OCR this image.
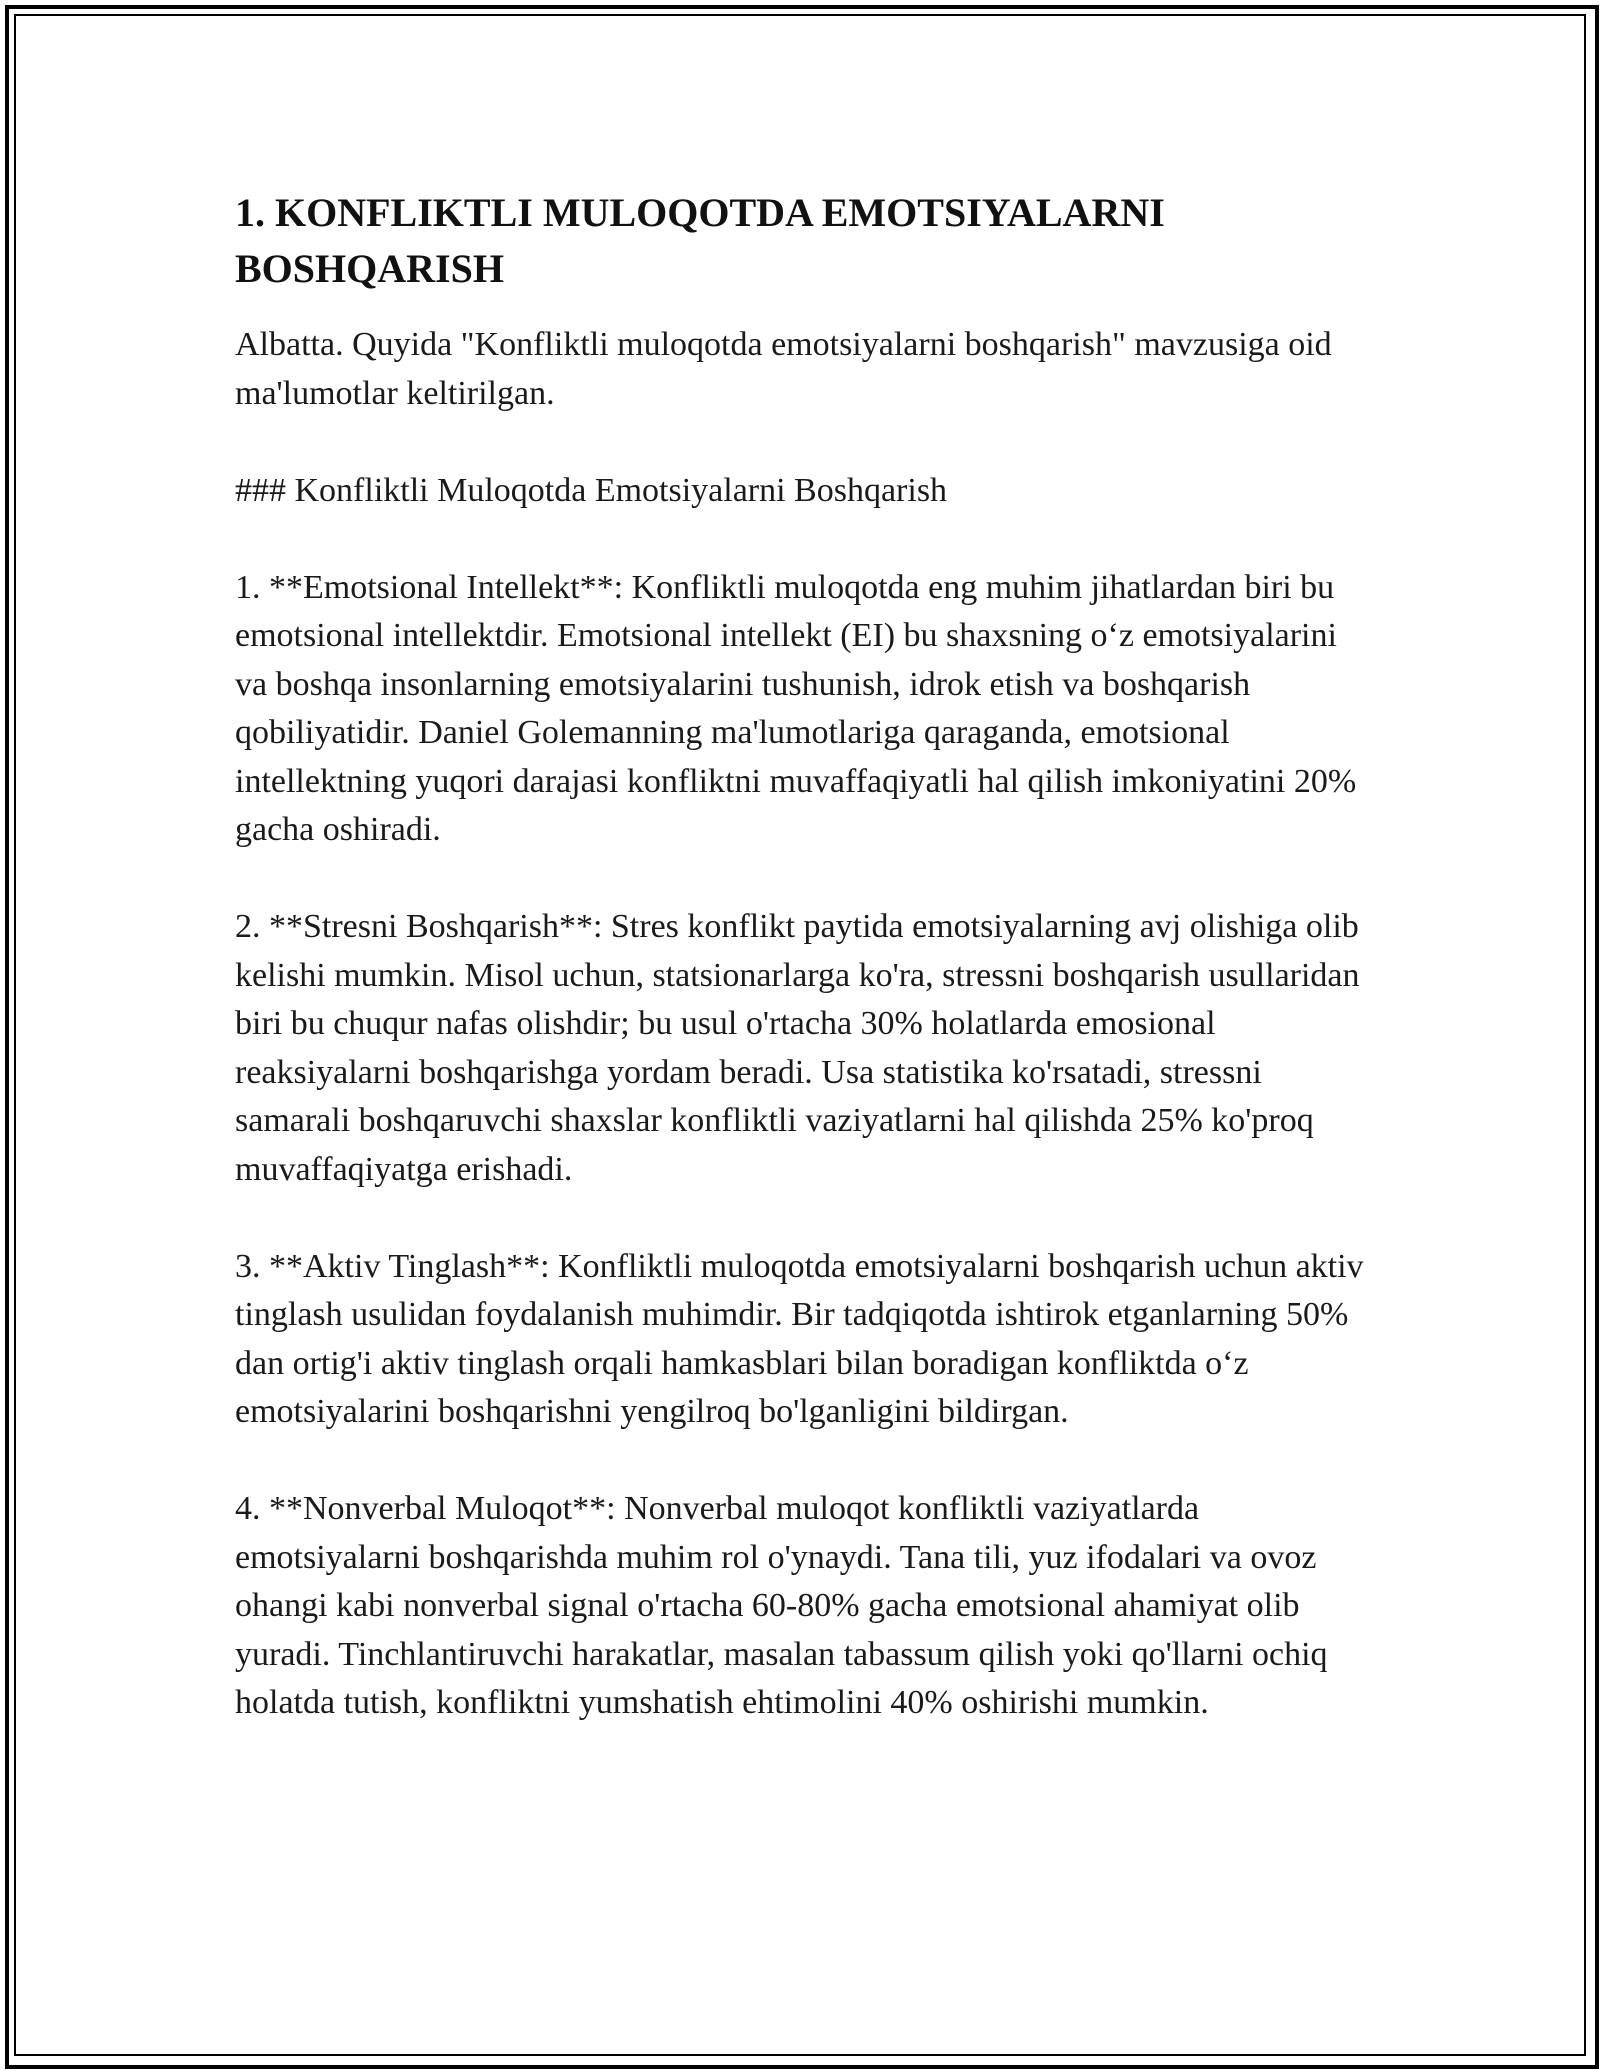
1. KONFLIKTLI MULOQOTDA EMOTSIYALARNI BOSHQARISH

Albatta. Quyida "Konfliktli muloqotda emotsiyalarni boshqarish" mavzusiga oid ma'lumotlar keltirilgan.

### Konfliktli Muloqotda Emotsiyalarni Boshqarish

1. **Emotsional Intellekt**: Konfliktli muloqotda eng muhim jihatlardan biri bu emotsional intellektdir. Emotsional intellekt (EI) bu shaxsning o‘z emotsiyalarini va boshqa insonlarning emotsiyalarini tushunish, idrok etish va boshqarish qobiliyatidir. Daniel Golemanning ma'lumotlariga qaraganda, emotsional intellektning yuqori darajasi konfliktni muvaffaqiyatli hal qilish imkoniyatini 20% gacha oshiradi.

2. **Stresni Boshqarish**: Stres konflikt paytida emotsiyalarning avj olishiga olib kelishi mumkin. Misol uchun, statsionarlarga ko'ra, stressni boshqarish usullaridan biri bu chuqur nafas olishdir; bu usul o'rtacha 30% holatlarda emosional reaksiyalarni boshqarishga yordam beradi. Usa statistika ko'rsatadi, stressni samarali boshqaruvchi shaxslar konfliktli vaziyatlarni hal qilishda 25% ko'proq muvaffaqiyatga erishadi.

3. **Aktiv Tinglash**: Konfliktli muloqotda emotsiyalarni boshqarish uchun aktiv tinglash usulidan foydalanish muhimdir. Bir tadqiqotda ishtirok etganlarning 50% dan ortig'i aktiv tinglash orqali hamkasblari bilan boradigan konfliktda o‘z emotsiyalarini boshqarishni yengilroq bo'lganligini bildirgan.

4. **Nonverbal Muloqot**: Nonverbal muloqot konfliktli vaziyatlarda emotsiyalarni boshqarishda muhim rol o'ynaydi. Tana tili, yuz ifodalari va ovoz ohangi kabi nonverbal signal o'rtacha 60-80% gacha emotsional ahamiyat olib yuradi. Tinchlantiruvchi harakatlar, masalan tabassum qilish yoki qo'llarni ochiq holatda tutish, konfliktni yumshatish ehtimolini 40% oshirishi mumkin.
